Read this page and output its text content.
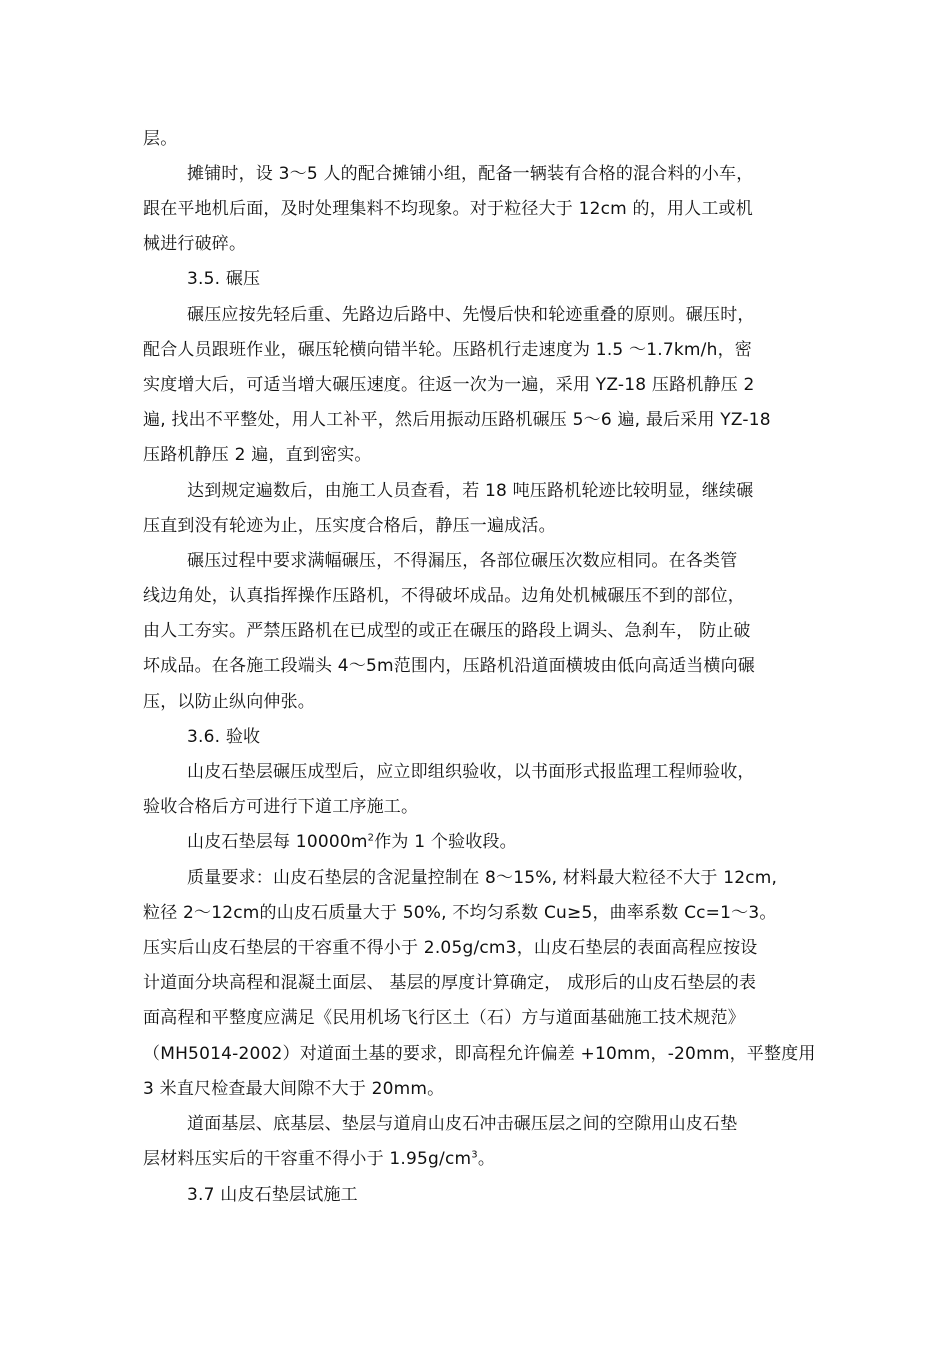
层。

摊铺时，设 3～5 人的配合摊铺小组，配备一辆装有合格的混合料的小车，

跟在平地机后面，及时处理集料不均现象。对于粒径大于 12cm 的，用人工或机

械进行破碎。

3.5. 碾压

碾压应按先轻后重、先路边后路中、先慢后快和轮迹重叠的原则。碾压时，

配合人员跟班作业，碾压轮横向错半轮。压路机行走速度为 1.5 ～1.7km/h，密

实度增大后，可适当增大碾压速度。往返一次为一遍，采用 YZ-18 压路机静压 2

遍, 找出不平整处，用人工补平，然后用振动压路机碾压 5～6 遍, 最后采用 YZ-18

压路机静压 2 遍，直到密实。

达到规定遍数后，由施工人员查看，若 18 吨压路机轮迹比较明显，继续碾

压直到没有轮迹为止，压实度合格后，静压一遍成活。

碾压过程中要求满幅碾压，不得漏压，各部位碾压次数应相同。在各类管

线边角处，认真指挥操作压路机，不得破坏成品。边角处机械碾压不到的部位，

由人工夯实。严禁压路机在已成型的或正在碾压的路段上调头、急刹车， 防止破

坏成品。在各施工段端头 4～5m范围内，压路机沿道面横坡由低向高适当横向碾

压，以防止纵向伸张。

3.6. 验收

山皮石垫层碾压成型后，应立即组织验收，以书面形式报监理工程师验收，

验收合格后方可进行下道工序施工。

山皮石垫层每 $10000m^2$作为 1 个验收段。

质量要求：山皮石垫层的含泥量控制在 8～15%, 材料最大粒径不大于 12cm,

粒径 2～12cm的山皮石质量大于 50%, 不均匀系数 Cu≥5，曲率系数 Cc=1～3。

压实后山皮石垫层的干容重不得小于 2.05g/cm3，山皮石垫层的表面高程应按设

计道面分块高程和混凝土面层、 基层的厚度计算确定， 成形后的山皮石垫层的表

面高程和平整度应满足《民用机场飞行区土（石）方与道面基础施工技术规范》

（MH5014-2002）对道面土基的要求，即高程允许偏差 +10mm，-20mm，平整度用

3 米直尺检查最大间隙不大于 20mm。

道面基层、底基层、垫层与道肩山皮石冲击碾压层之间的空隙用山皮石垫

层材料压实后的干容重不得小于 $1.95g/cm^3$。

3.7 山皮石垫层试施工
